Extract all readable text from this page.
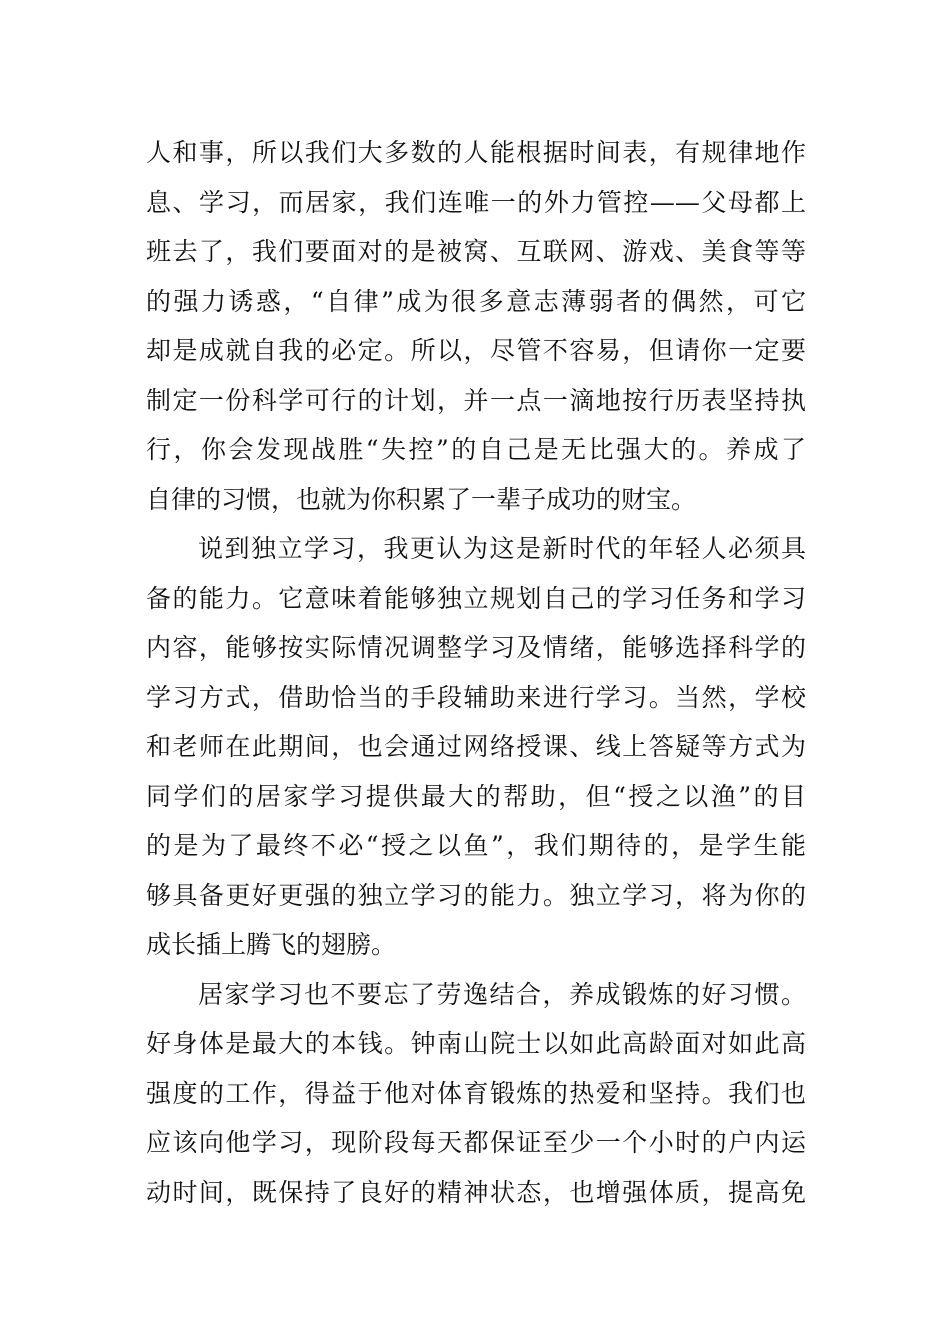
人和事，所以我们大多数的人能根据时间表，有规律地作
息、学习，而居家，我们连唯一的外力管控——父母都上
班去了，我们要面对的是被窝、互联网、游戏、美食等等
的强力诱惑，“自律”成为很多意志薄弱者的偶然，可它
却是成就自我的必定。所以，尽管不容易，但请你一定要
制定一份科学可行的计划，并一点一滴地按行历表坚持执
行，你会发现战胜“失控”的自己是无比强大的。养成了
自律的习惯，也就为你积累了一辈子成功的财宝。
说到独立学习，我更认为这是新时代的年轻人必须具
备的能力。它意味着能够独立规划自己的学习任务和学习
内容，能够按实际情况调整学习及情绪，能够选择科学的
学习方式，借助恰当的手段辅助来进行学习。当然，学校
和老师在此期间，也会通过网络授课、线上答疑等方式为
同学们的居家学习提供最大的帮助，但“授之以渔”的目
的是为了最终不必“授之以鱼”，我们期待的，是学生能
够具备更好更强的独立学习的能力。独立学习，将为你的
成长插上腾飞的翅膀。
居家学习也不要忘了劳逸结合，养成锻炼的好习惯。
好身体是最大的本钱。钟南山院士以如此高龄面对如此高
强度的工作，得益于他对体育锻炼的热爱和坚持。我们也
应该向他学习，现阶段每天都保证至少一个小时的户内运
动时间，既保持了良好的精神状态，也增强体质，提高免
